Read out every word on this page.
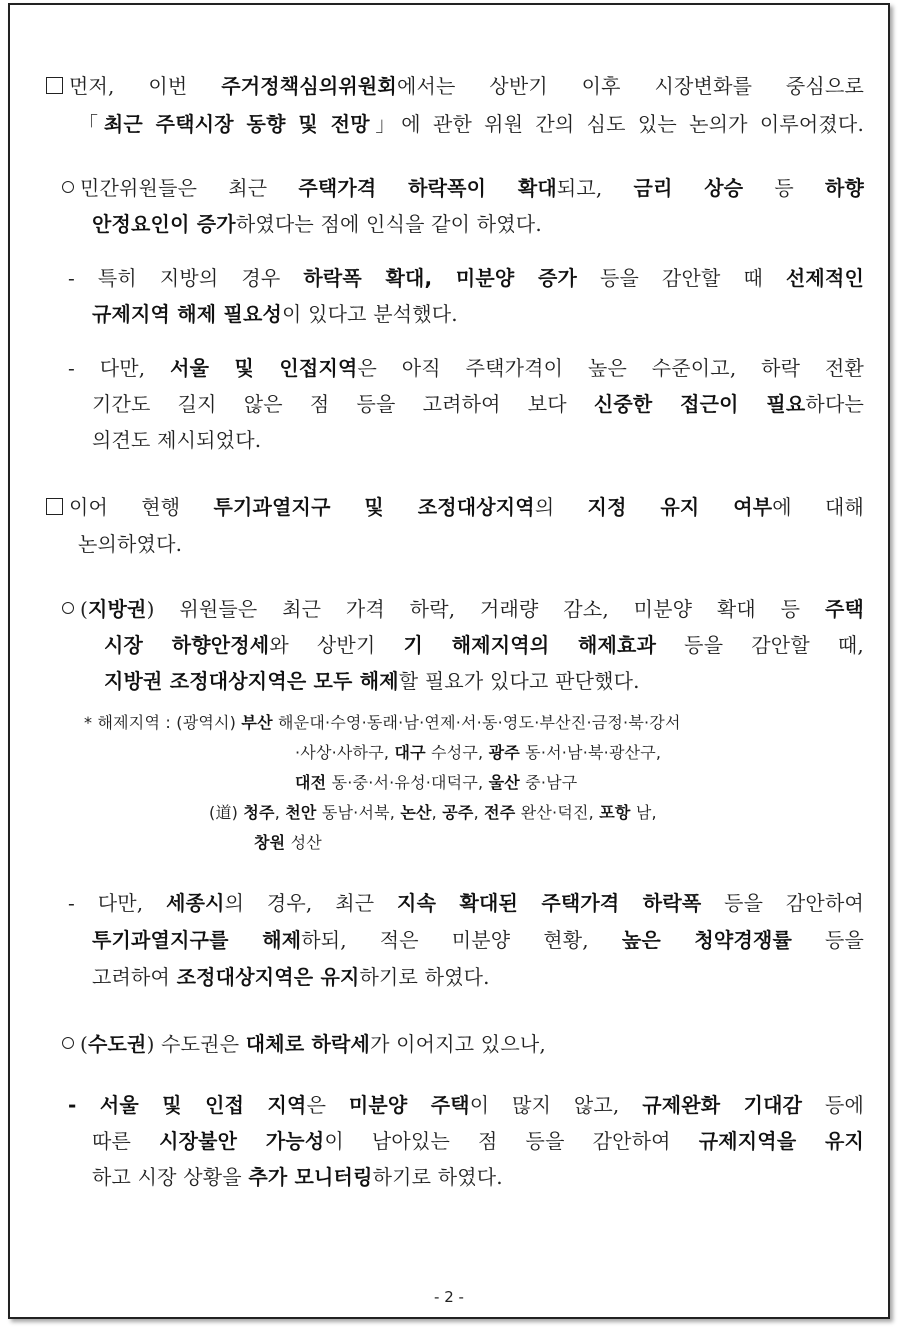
먼저, 이번 주거정책심의위원회에서는 상반기 이후 시장변화를 중심으로
「최근 주택시장 동향 및 전망」에 관한 위원 간의 심도 있는 논의가 이루어졌다.
민간위원들은 최근 주택가격 하락폭이 확대되고, 금리 상승 등 하향
안정요인이 증가하였다는 점에 인식을 같이 하였다.
- 특히 지방의 경우 하락폭 확대, 미분양 증가 등을 감안할 때 선제적인
규제지역 해제 필요성이 있다고 분석했다.
- 다만, 서울 및 인접지역은 아직 주택가격이 높은 수준이고, 하락 전환
기간도 길지 않은 점 등을 고려하여 보다 신중한 접근이 필요하다는
의견도 제시되었다.
이어 현행 투기과열지구 및 조정대상지역의 지정 유지 여부에 대해
논의하였다.
(지방권) 위원들은 최근 가격 하락, 거래량 감소, 미분양 확대 등 주택
시장 하향안정세와 상반기 기 해제지역의 해제효과 등을 감안할 때,
지방권 조정대상지역은 모두 해제할 필요가 있다고 판단했다.
* 해제지역 : (광역시) 부산 해운대·수영·동래·남·연제·서·동·영도·부산진·금정·북·강서
·사상·사하구, 대구 수성구, 광주 동·서·남·북·광산구,
대전 동·중·서·유성·대덕구, 울산 중·남구
(道) 청주, 천안 동남·서북, 논산, 공주, 전주 완산·덕진, 포항 남,
창원 성산
- 다만, 세종시의 경우, 최근 지속 확대된 주택가격 하락폭 등을 감안하여
투기과열지구를 해제하되, 적은 미분양 현황, 높은 청약경쟁률 등을
고려하여 조정대상지역은 유지하기로 하였다.
(수도권) 수도권은 대체로 하락세가 이어지고 있으나,
- 서울 및 인접 지역은 미분양 주택이 많지 않고, 규제완화 기대감 등에
따른 시장불안 가능성이 남아있는 점 등을 감안하여 규제지역을 유지
하고 시장 상황을 추가 모니터링하기로 하였다.
- 2 -
